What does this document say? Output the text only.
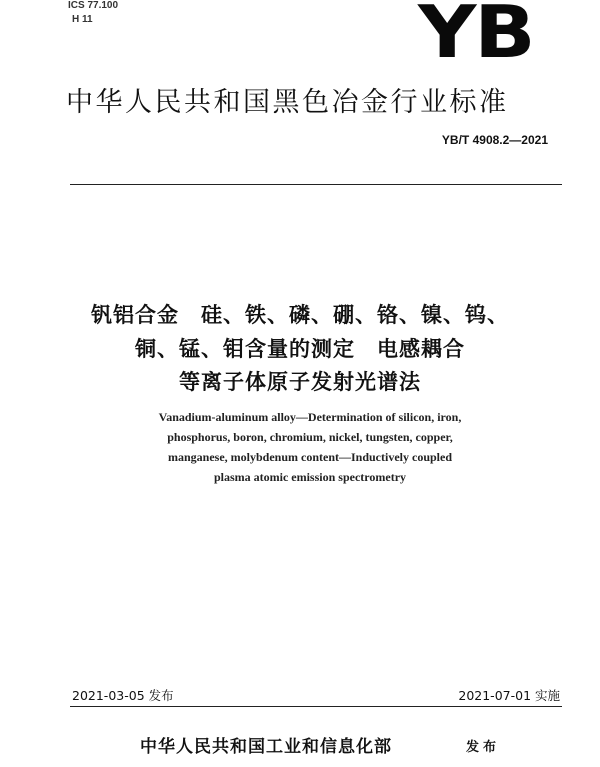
ICS 77.100
H 11	YB
中华人民共和国黑色冶金行业标准
YB/T 4908.2—2021
钒铝合金　硅、铁、磷、硼、铬、镍、钨、
铜、锰、钼含量的测定　电感耦合
等离子体原子发射光谱法
Vanadium-aluminum alloy—Determination of silicon, iron,
phosphorus, boron, chromium, nickel, tungsten, copper,
manganese, molybdenum content—Inductively coupled
plasma atomic emission spectrometry
2021-03-05 发布	2021-07-01 实施
中华人民共和国工业和信息化部	发布
